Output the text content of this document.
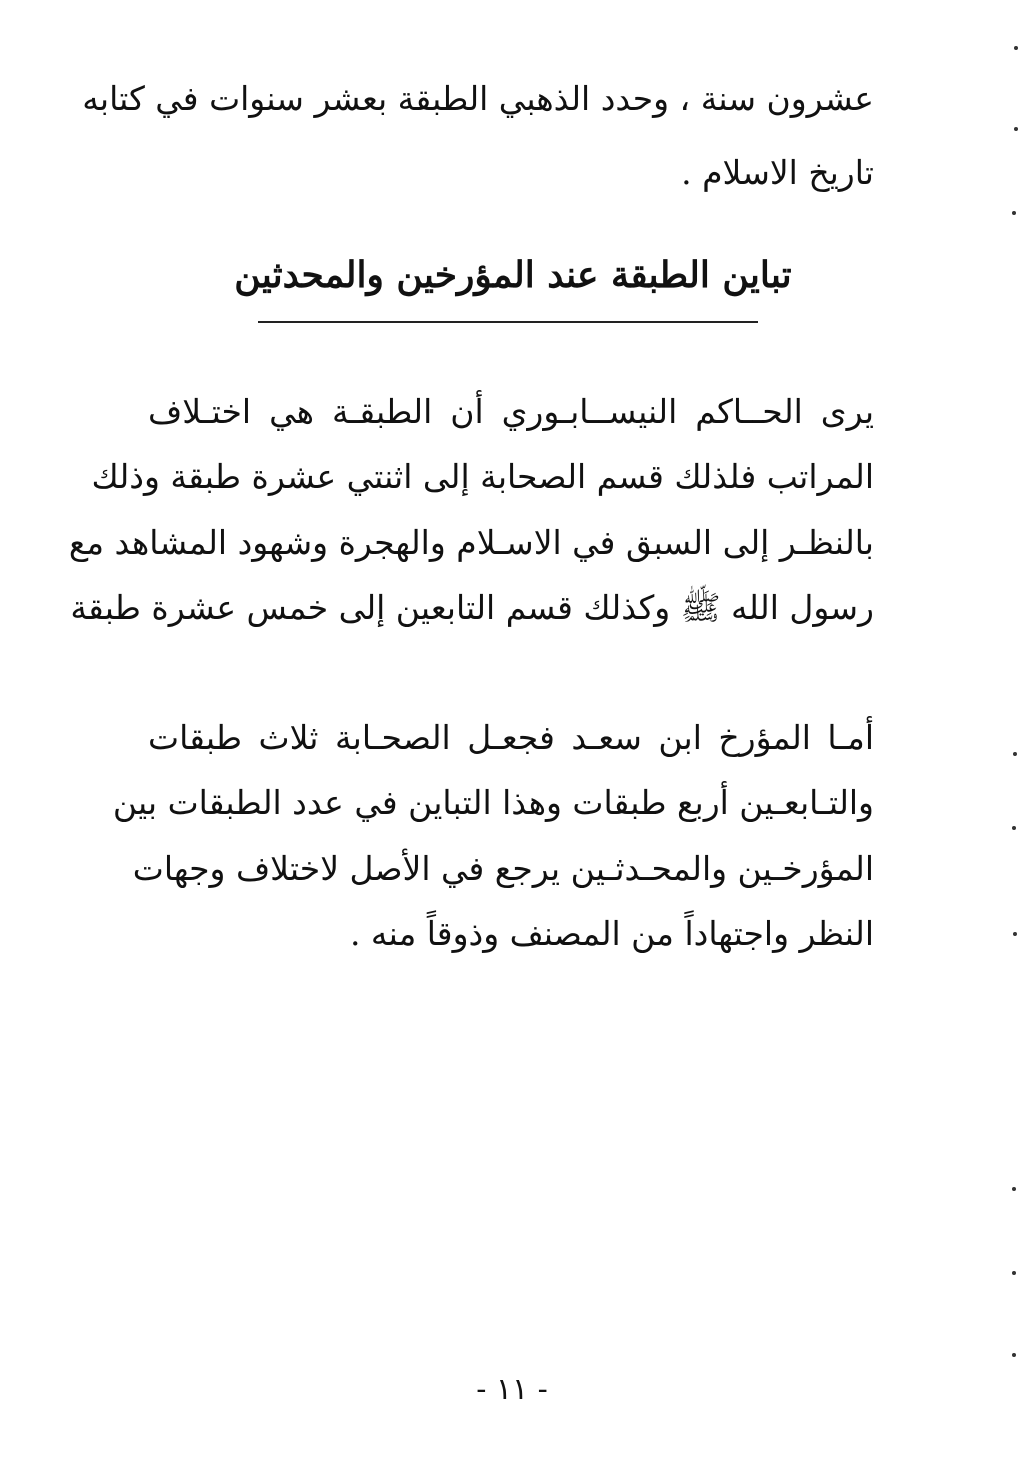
عشرون سنة ، وحدد الذهبي الطبقة بعشر سنوات في كتابه
تاريخ الاسلام .
تباين الطبقة عند المؤرخين والمحدثين
يرى الحــاكم النيســابـوري أن الطبقـة هي اختـلاف
المراتب فلذلك قسم الصحابة إلى اثنتي عشرة طبقة وذلك
بالنظـر إلى السبق في الاسـلام والهجرة وشهود المشاهد مع
رسول الله ﷺ وكذلك قسم التابعين إلى خمس عشرة طبقة
أمـا المؤرخ ابن سعـد فجعـل الصحـابة ثلاث طبقات
والتـابعـين أربع طبقات وهذا التباين في عدد الطبقات بين
المؤرخـين والمحـدثـين يرجع في الأصل لاختلاف وجهات
النظر واجتهاداً من المصنف وذوقاً منه .
- ١١ -
